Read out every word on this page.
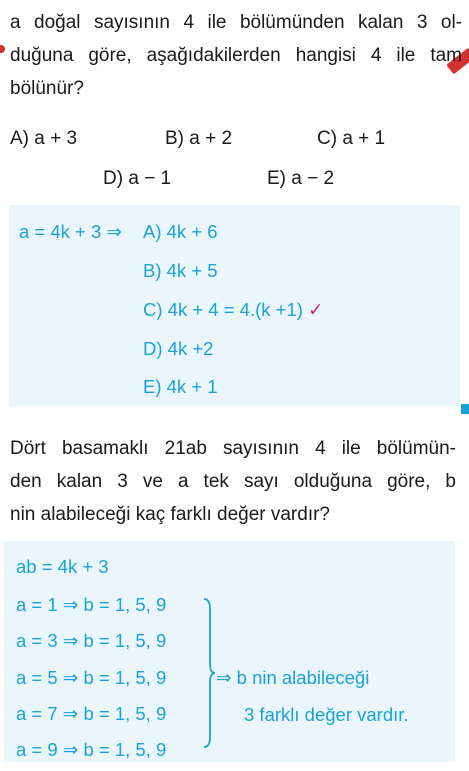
a doğal sayısının 4 ile bölümünden kalan 3 ol-
duğuna göre, aşağıdakilerden hangisi 4 ile tam
bölünür?
A) a + 3	B) a + 2	C) a + 1
D) a − 1	E) a − 2
a = 4k + 3 ⇒ A) 4k + 6
B) 4k + 5
C) 4k + 4 = 4.(k +1) ✓
D) 4k +2
E) 4k + 1
Dört basamaklı 21ab sayısının 4 ile bölümün-
den kalan 3 ve a tek sayı olduğuna göre, b
nin alabileceği kaç farklı değer vardır?
ab = 4k + 3
a = 1 ⇒ b = 1, 5, 9
a = 3 ⇒ b = 1, 5, 9
a = 5 ⇒ b = 1, 5, 9
a = 7 ⇒ b = 1, 5, 9
a = 9 ⇒ b = 1, 5, 9
⇒ b nin alabileceği
3 farklı değer vardır.
